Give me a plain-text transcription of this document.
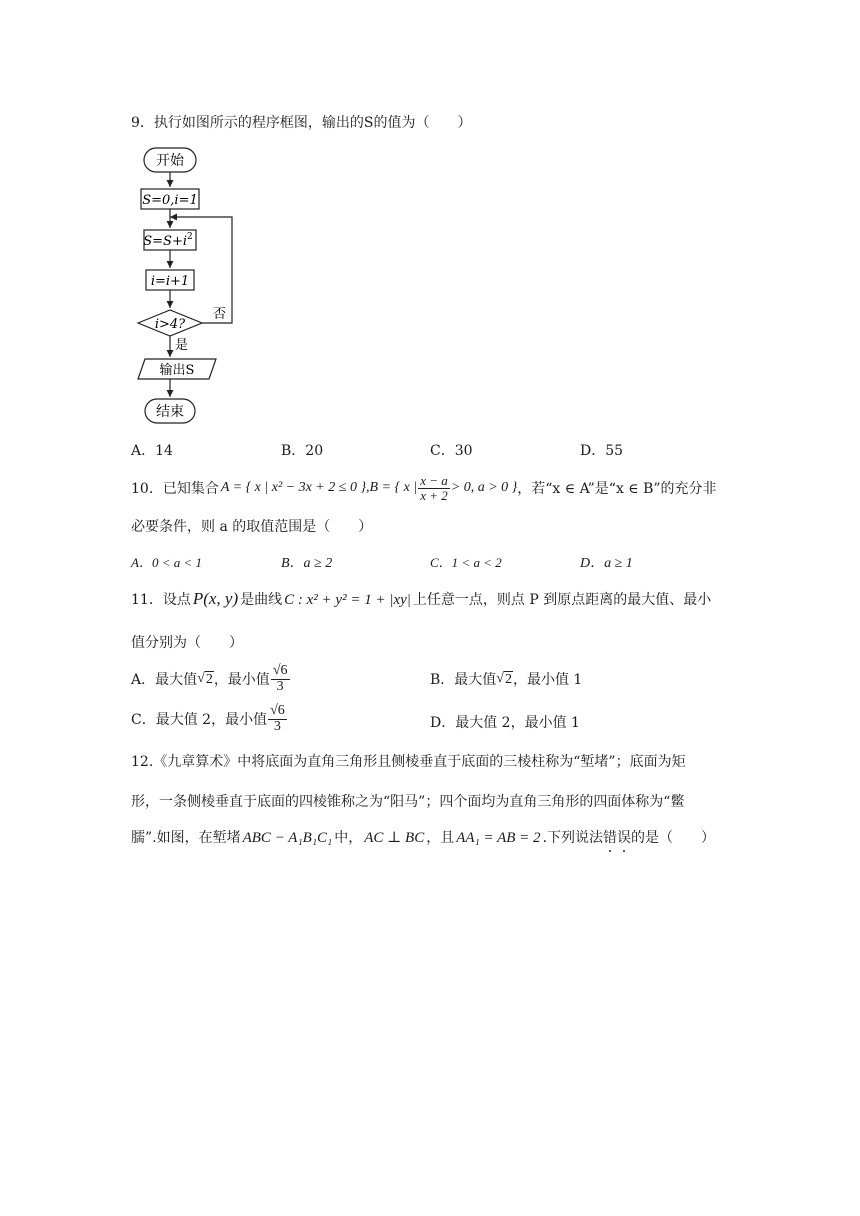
9．执行如图所示的程序框图，输出的S的值为（　　）
开始
S=0,i=1
$S=S+i^2$
i=i+1
i>4?
否
是
输出S
结束
A．14	B．20	C．30	D．55
10．已知集合 A = { x | x² − 3x + 2 ≤ 0 } , B = { x | $\frac{x - a}{x + 2} > 0$, a > 0 } ，若“x ∈ A”是“x ∈ B”的充分非
必要条件，则 a 的取值范围是（　　）
A．0 < a < 1	B．a ≥ 2	C．1 < a < 2	D．a ≥ 1
11．设点 P(x, y) 是曲线 C : x² + y² = 1 + |xy| 上任意一点，则点 P 到原点距离的最大值、最小
值分别为（　　）
A．最大值 √ 2 ，最小值 $\frac{√6}{3}$	B．最大值 √ 2 ，最小值 1
C．最大值 2，最小值 $\frac{√6}{3}$	D．最大值 2，最小值 1
12.《九章算术》中将底面为直角三角形且侧棱垂直于底面的三棱柱称为“堑堵”；底面为矩
形，一条侧棱垂直于底面的四棱锥称之为“阳马”；四个面均为直角三角形的四面体称为“鳖
臑”.如图，在堑堵 ABC − A₁B₁C₁ 中， AC ⊥ BC ，且 AA₁ = AB = 2 .下列说法 错 误 的是（　　）
